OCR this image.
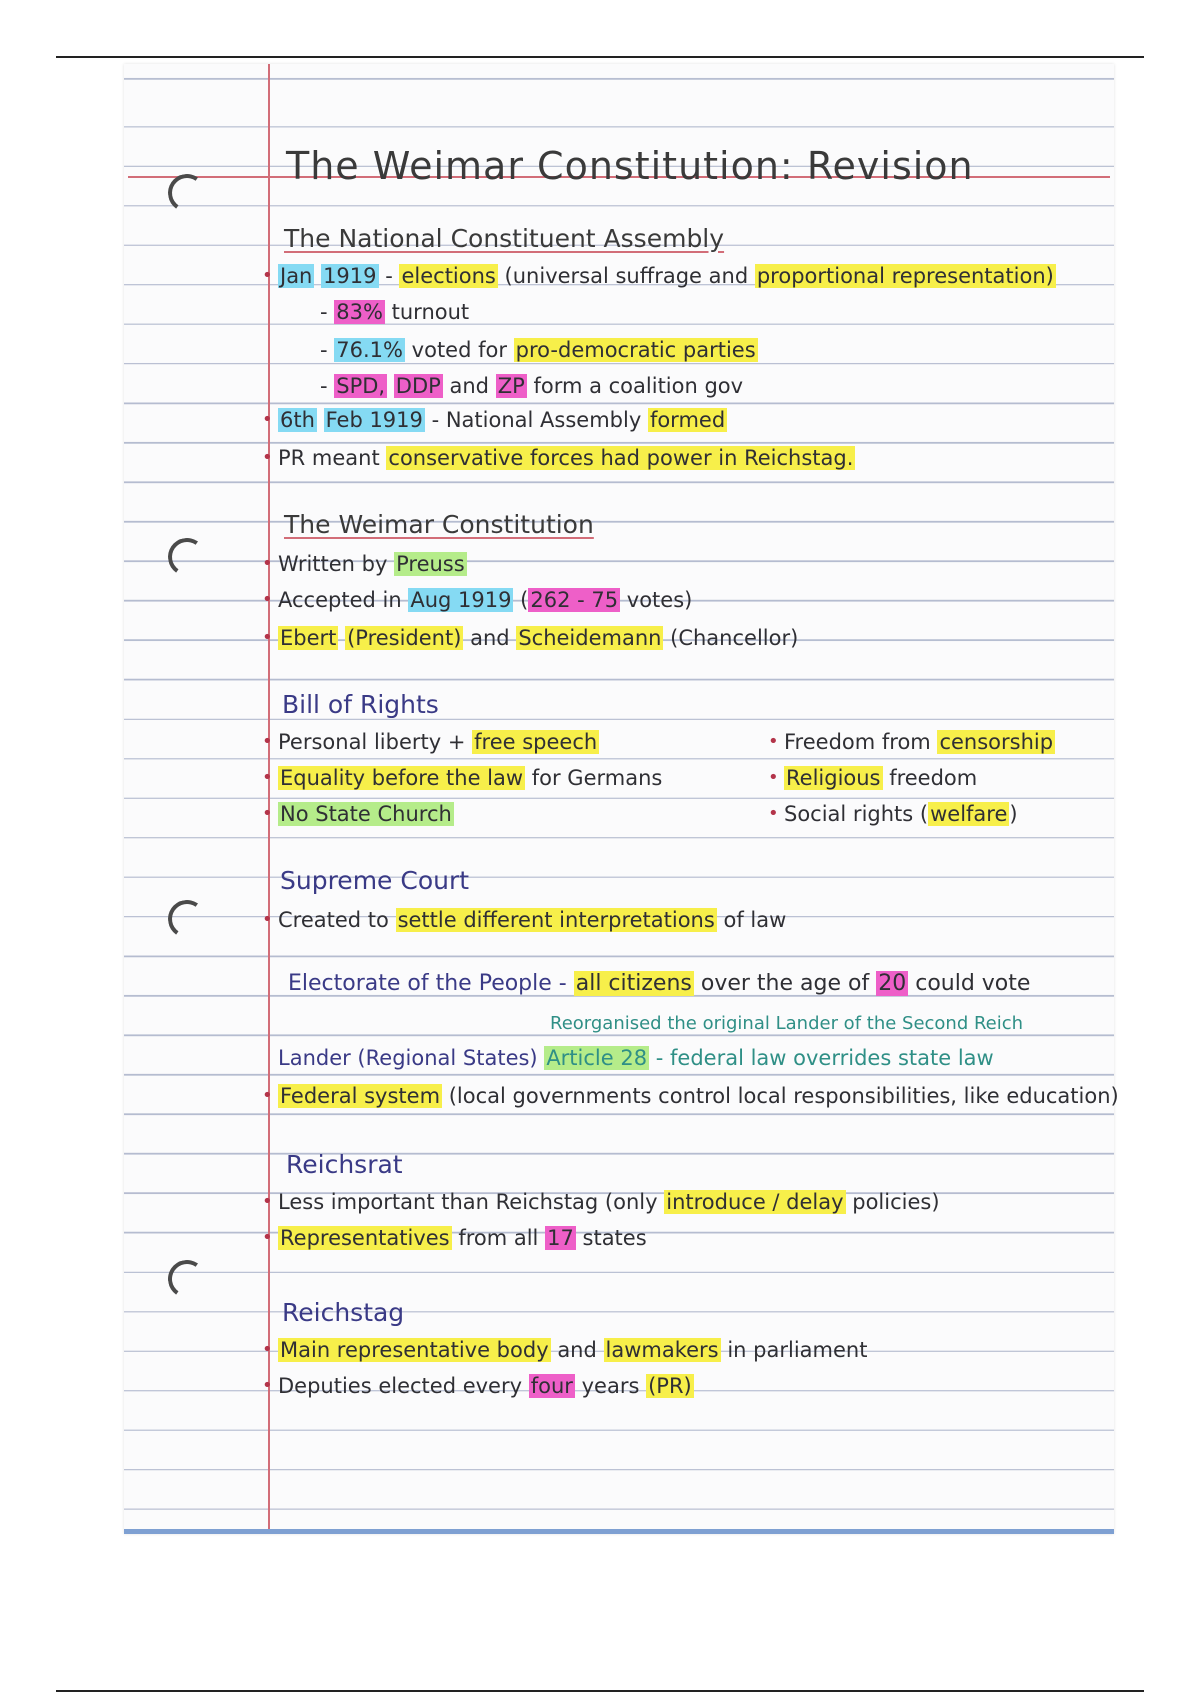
The Weimar Constitution: Revision
The National Constituent Assembly
• Jan 1919 - elections (universal suffrage and proportional representation)
- 83% turnout
- 76.1% voted for pro-democratic parties
- SPD, DDP and ZP form a coalition gov
• 6th Feb 1919 - National Assembly formed
• PR meant conservative forces had power in Reichstag.
The Weimar Constitution
• Written by Preuss
• Accepted in Aug 1919 (262 - 75 votes)
• Ebert (President) and Scheidemann (Chancellor)
Bill of Rights
• Personal liberty + free speech
• Equality before the law for Germans
• No State Church
• Freedom from censorship
• Religious freedom
• Social rights (welfare)
Supreme Court
• Created to settle different interpretations of law
Electorate of the People - all citizens over the age of 20 could vote
Reorganised the original Lander of the Second Reich
Lander (Regional States) Article 28 - federal law overrides state law
• Federal system (local governments control local responsibilities, like education)
Reichsrat
• Less important than Reichstag (only introduce / delay policies)
• Representatives from all 17 states
Reichstag
• Main representative body and lawmakers in parliament
• Deputies elected every four years (PR)
